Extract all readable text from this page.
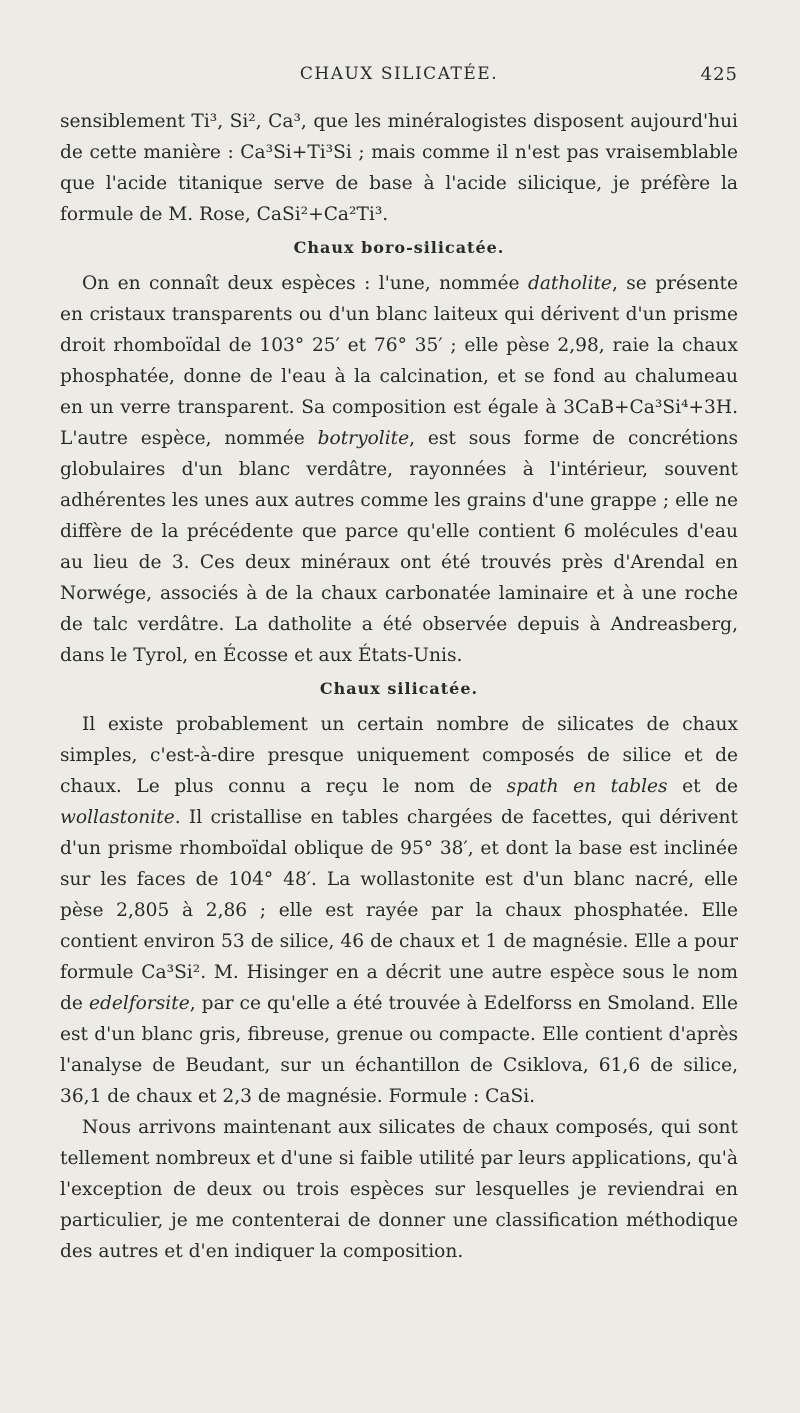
CHAUX SILICATÉE.	425

sensiblement Ti³, Si², Ca³, que les minéralogistes disposent aujourd'hui de cette manière : Ca³Si+Ti³Si ; mais comme il n'est pas vraisemblable que l'acide titanique serve de base à l'acide silicique, je préfère la formule de M. Rose, CaSi²+Ca²Ti³.

Chaux boro-silicatée.

On en connaît deux espèces : l'une, nommée datholite, se présente en cristaux transparents ou d'un blanc laiteux qui dérivent d'un prisme droit rhomboïdal de 103° 25′ et 76° 35′ ; elle pèse 2,98, raie la chaux phosphatée, donne de l'eau à la calcination, et se fond au chalumeau en un verre transparent. Sa composition est égale à 3CaB+Ca³Si⁴+3H. L'autre espèce, nommée botryolite, est sous forme de concrétions globulaires d'un blanc verdâtre, rayonnées à l'intérieur, souvent adhérentes les unes aux autres comme les grains d'une grappe ; elle ne diffère de la précédente que parce qu'elle contient 6 molécules d'eau au lieu de 3. Ces deux minéraux ont été trouvés près d'Arendal en Norwége, associés à de la chaux carbonatée laminaire et à une roche de talc verdâtre. La datholite a été observée depuis à Andreasberg, dans le Tyrol, en Écosse et aux États-Unis.

Chaux silicatée.

Il existe probablement un certain nombre de silicates de chaux simples, c'est-à-dire presque uniquement composés de silice et de chaux. Le plus connu a reçu le nom de spath en tables et de wollastonite. Il cristallise en tables chargées de facettes, qui dérivent d'un prisme rhomboïdal oblique de 95° 38′, et dont la base est inclinée sur les faces de 104° 48′. La wollastonite est d'un blanc nacré, elle pèse 2,805 à 2,86 ; elle est rayée par la chaux phosphatée. Elle contient environ 53 de silice, 46 de chaux et 1 de magnésie. Elle a pour formule Ca³Si². M. Hisinger en a décrit une autre espèce sous le nom de edelforsite, par ce qu'elle a été trouvée à Edelforss en Smoland. Elle est d'un blanc gris, fibreuse, grenue ou compacte. Elle contient d'après l'analyse de Beudant, sur un échantillon de Csiklova, 61,6 de silice, 36,1 de chaux et 2,3 de magnésie. Formule : CaSi.

Nous arrivons maintenant aux silicates de chaux composés, qui sont tellement nombreux et d'une si faible utilité par leurs applications, qu'à l'exception de deux ou trois espèces sur lesquelles je reviendrai en particulier, je me contenterai de donner une classification méthodique des autres et d'en indiquer la composition.
